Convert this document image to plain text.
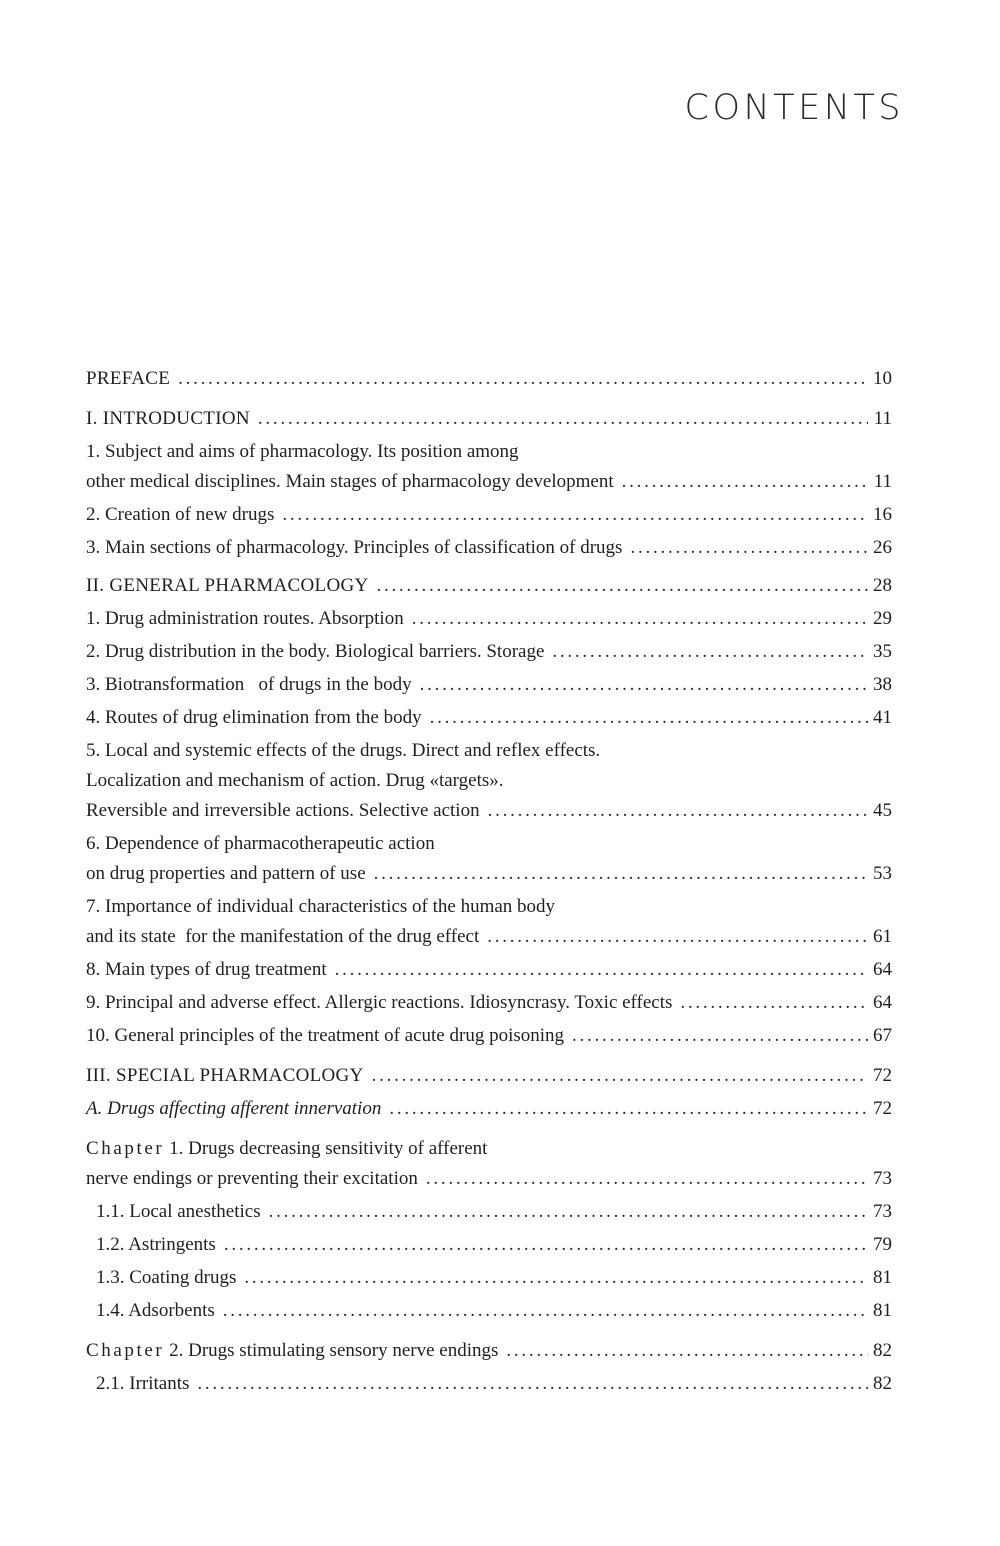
CONTENTS
PREFACE . . .	10
I. INTRODUCTION . . .	11
1. Subject and aims of pharmacology. Its position among
other medical disciplines. Main stages of pharmacology development . . .	11
2. Creation of new drugs . . .	16
3. Main sections of pharmacology. Principles of classification of drugs . . .	26
II. GENERAL PHARMACOLOGY . . .	28
1. Drug administration routes. Absorption . . .	29
2. Drug distribution in the body. Biological barriers. Storage . . .	35
3. Biotransformation   of drugs in the body . . .	38
4. Routes of drug elimination from the body . . .	41
5. Local and systemic effects of the drugs. Direct and reflex effects.
Localization and mechanism of action. Drug «targets».
Reversible and irreversible actions. Selective action . . .	45
6. Dependence of pharmacotherapeutic action
on drug properties and pattern of use . . .	53
7. Importance of individual characteristics of the human body
and its state  for the manifestation of the drug effect . . .	61
8. Main types of drug treatment . . .	64
9. Principal and adverse effect. Allergic reactions. Idiosyncrasy. Toxic effects . . .	64
10. General principles of the treatment of acute drug poisoning . . .	67
III. SPECIAL PHARMACOLOGY . . .	72
A. Drugs affecting afferent innervation . . .	72
Chapter 1. Drugs decreasing sensitivity of afferent
nerve endings or preventing their excitation . . .	73
1.1. Local anesthetics . . .	73
1.2. Astringents . . .	79
1.3. Coating drugs . . .	81
1.4. Adsorbents . . .	81
Chapter 2. Drugs stimulating sensory nerve endings . . .	82
2.1. Irritants . . .	82
